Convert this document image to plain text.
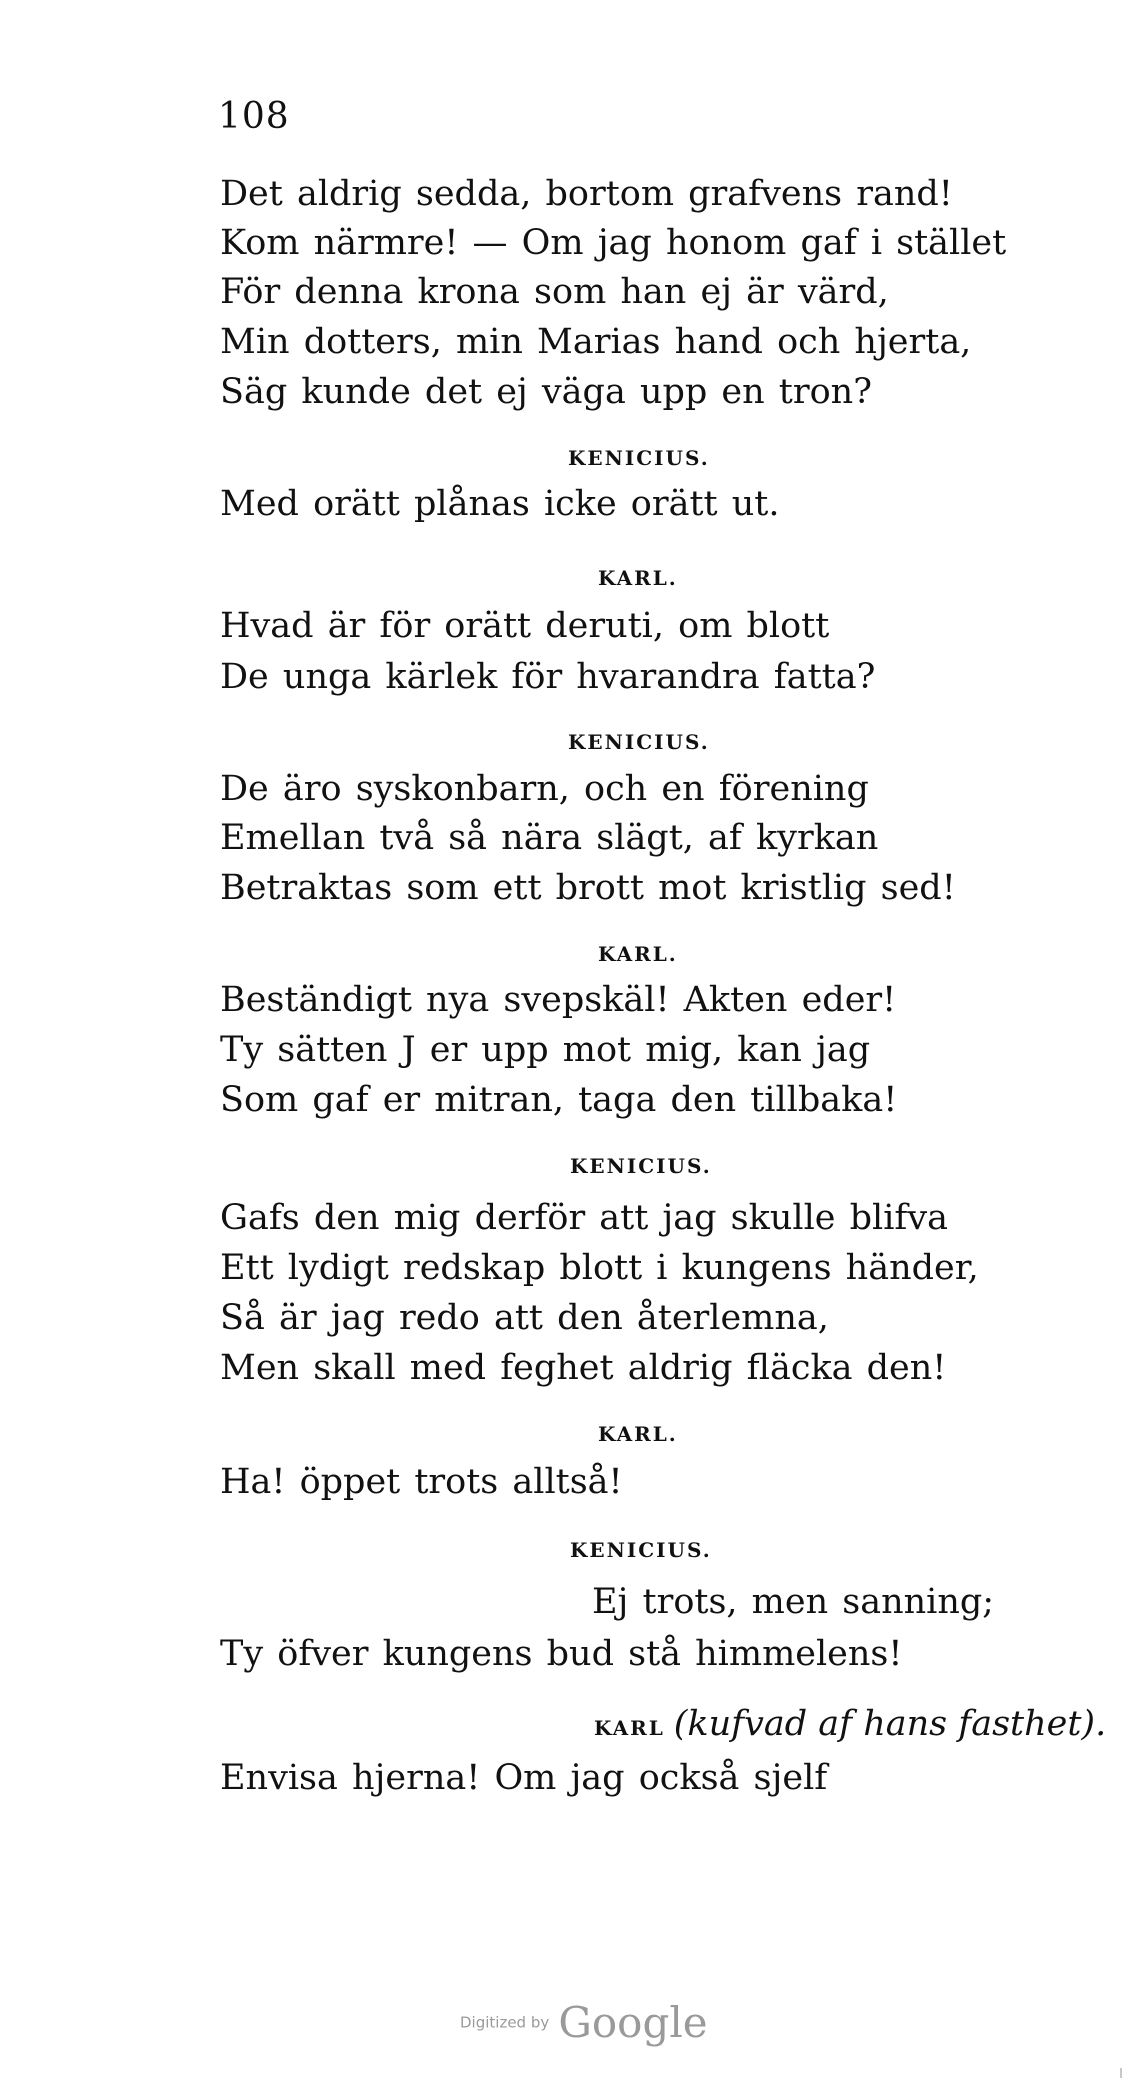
108
Det aldrig sedda, bortom grafvens rand!
Kom närmre! — Om jag honom gaf i stället
För denna krona som han ej är värd,
Min dotters, min Marias hand och hjerta,
Säg kunde det ej väga upp en tron?
KENICIUS.
Med orätt plånas icke orätt ut.
KARL.
Hvad är för orätt deruti, om blott
De unga kärlek för hvarandra fatta?
KENICIUS.
De äro syskonbarn, och en förening
Emellan två så nära slägt, af kyrkan
Betraktas som ett brott mot kristlig sed!
KARL.
Beständigt nya svepskäl! Akten eder!
Ty sätten J er upp mot mig, kan jag
Som gaf er mitran, taga den tillbaka!
KENICIUS.
Gafs den mig derför att jag skulle blifva
Ett lydigt redskap blott i kungens händer,
Så är jag redo att den återlemna,
Men skall med feghet aldrig fläcka den!
KARL.
Ha! öppet trots alltså!
KENICIUS.
Ej trots, men sanning;
Ty öfver kungens bud stå himmelens!
KARL (kufvad af hans fasthet).
Envisa hjerna! Om jag också sjelf
Digitized by Google
